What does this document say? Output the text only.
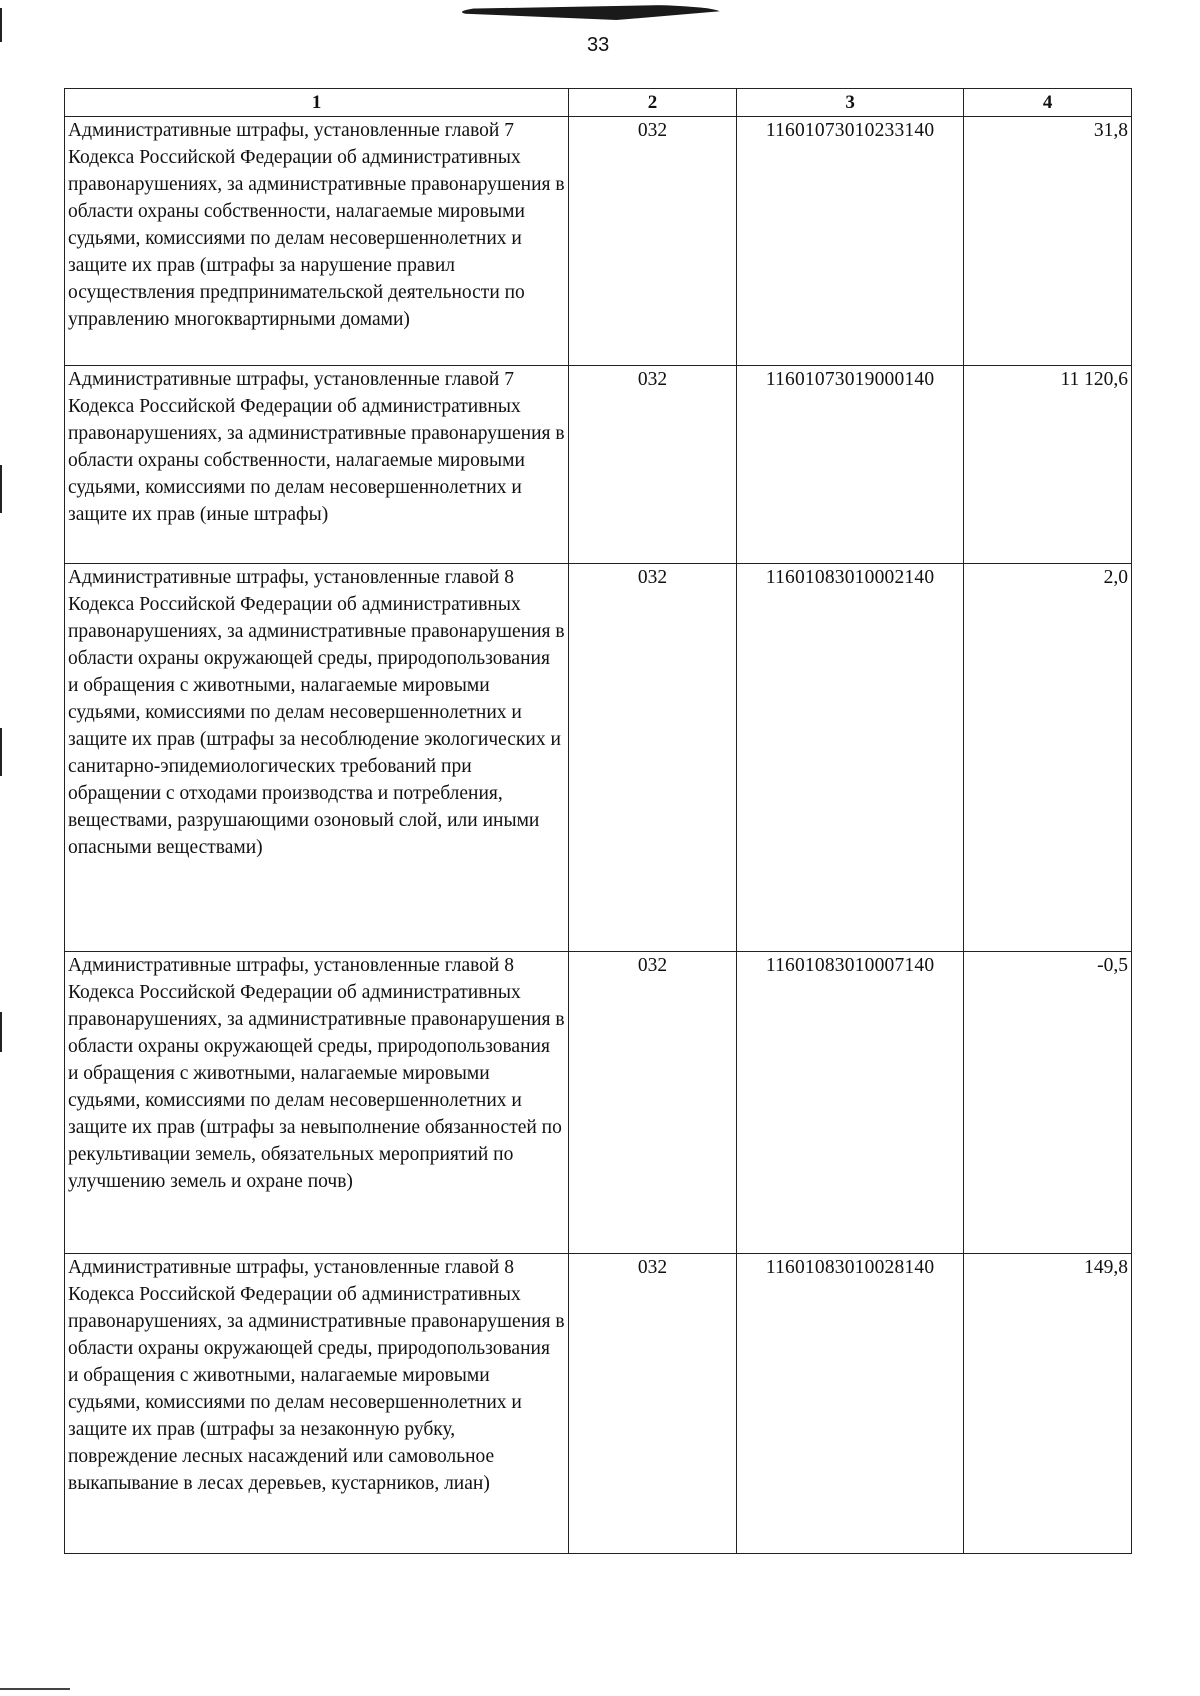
33
1	2	3	4
Административные штрафы, установленные главой 7 Кодекса Российской Федерации об административных правонарушениях, за административные правонарушения в области охраны собственности, налагаемые мировыми судьями, комиссиями по делам несовершеннолетних и защите их прав (штрафы за нарушение правил осуществления предпринимательской деятельности по управлению многоквартирными домами)	032	11601073010233140	31,8
Административные штрафы, установленные главой 7 Кодекса Российской Федерации об административных правонарушениях, за административные правонарушения в области охраны собственности, налагаемые мировыми судьями, комиссиями по делам несовершеннолетних и защите их прав (иные штрафы)	032	11601073019000140	11 120,6
Административные штрафы, установленные главой 8 Кодекса Российской Федерации об административных правонарушениях, за административные правонарушения в области охраны окружающей среды, природопользования и обращения с животными, налагаемые мировыми судьями, комиссиями по делам несовершеннолетних и защите их прав (штрафы за несоблюдение экологических и санитарно-эпидемиологических требований при обращении с отходами производства и потребления, веществами, разрушающими озоновый слой, или иными опасными веществами)	032	11601083010002140	2,0
Административные штрафы, установленные главой 8 Кодекса Российской Федерации об административных правонарушениях, за административные правонарушения в области охраны окружающей среды, природопользования и обращения с животными, налагаемые мировыми судьями, комиссиями по делам несовершеннолетних и защите их прав (штрафы за невыполнение обязанностей по рекультивации земель, обязательных мероприятий по улучшению земель и охране почв)	032	11601083010007140	-0,5
Административные штрафы, установленные главой 8 Кодекса Российской Федерации об административных правонарушениях, за административные правонарушения в области охраны окружающей среды, природопользования и обращения с животными, налагаемые мировыми судьями, комиссиями по делам несовершеннолетних и защите их прав (штрафы за незаконную рубку, повреждение лесных насаждений или самовольное выкапывание в лесах деревьев, кустарников, лиан)	032	11601083010028140	149,8
